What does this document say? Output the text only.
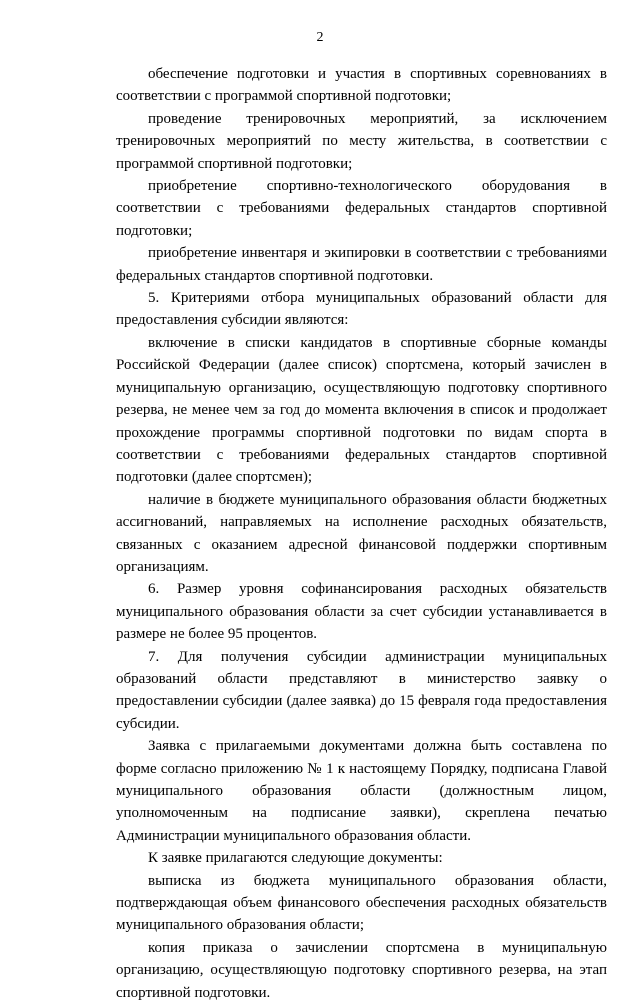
2

обеспечение подготовки и участия в спортивных соревнованиях в соответствии с программой спортивной подготовки;

проведение тренировочных мероприятий, за исключением тренировочных мероприятий по месту жительства, в соответствии с программой спортивной подготовки;

приобретение спортивно-технологического оборудования в соответствии с требованиями федеральных стандартов спортивной подготовки;

приобретение инвентаря и экипировки в соответствии с требованиями федеральных стандартов спортивной подготовки.

5. Критериями отбора муниципальных образований области для предоставления субсидии являются:

включение в списки кандидатов в спортивные сборные команды Российской Федерации (далее список) спортсмена, который зачислен в муниципальную организацию, осуществляющую подготовку спортивного резерва, не менее чем за год до момента включения в список и продолжает прохождение программы спортивной подготовки по видам спорта в соответствии с требованиями федеральных стандартов спортивной подготовки (далее спортсмен);

наличие в бюджете муниципального образования области бюджетных ассигнований, направляемых на исполнение расходных обязательств, связанных с оказанием адресной финансовой поддержки спортивным организациям.

6. Размер уровня софинансирования расходных обязательств муниципального образования области за счет субсидии устанавливается в размере не более 95 процентов.

7. Для получения субсидии администрации муниципальных образований области представляют в министерство заявку о предоставлении субсидии (далее заявка) до 15 февраля года предоставления субсидии.

Заявка с прилагаемыми документами должна быть составлена по форме согласно приложению № 1 к настоящему Порядку, подписана Главой муниципального образования области (должностным лицом, уполномоченным на подписание заявки), скреплена печатью Администрации муниципального образования области.

К заявке прилагаются следующие документы:

выписка из бюджета муниципального образования области, подтверждающая объем финансового обеспечения расходных обязательств муниципального образования области;

копия приказа о зачислении спортсмена в муниципальную организацию, осуществляющую подготовку спортивного резерва, на этап спортивной подготовки.
